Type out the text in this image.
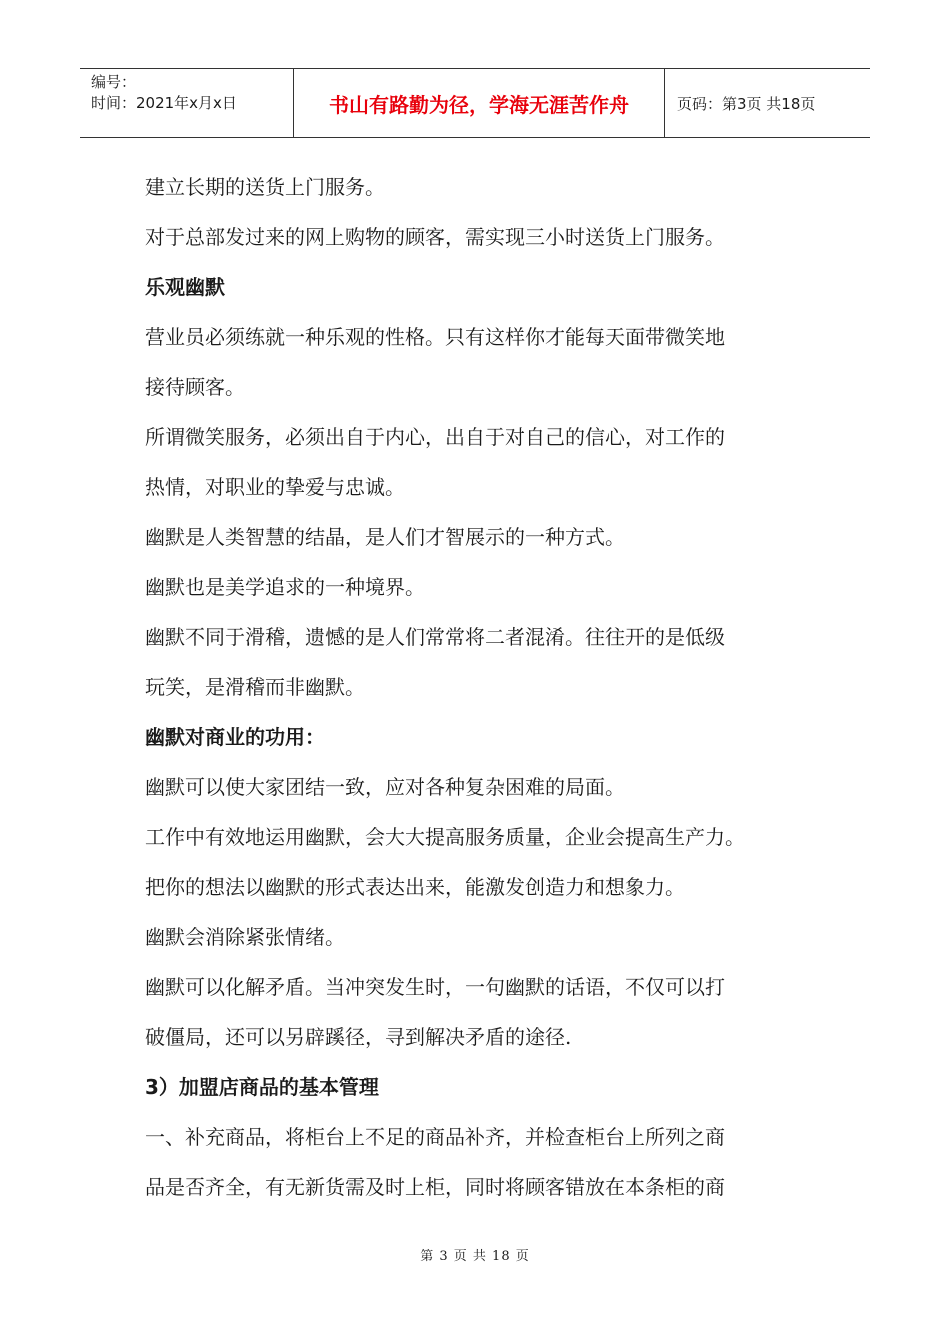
编号：
时间：2021年x月x日	书山有路勤为径，学海无涯苦作舟	页码：第3页 共18页

建立长期的送货上门服务。

对于总部发过来的网上购物的顾客，需实现三小时送货上门服务。

乐观幽默

营业员必须练就一种乐观的性格。只有这样你才能每天面带微笑地

接待顾客。

所谓微笑服务，必须出自于内心，出自于对自己的信心，对工作的

热情，对职业的挚爱与忠诚。

幽默是人类智慧的结晶，是人们才智展示的一种方式。

幽默也是美学追求的一种境界。

幽默不同于滑稽，遗憾的是人们常常将二者混淆。往往开的是低级

玩笑，是滑稽而非幽默。

幽默对商业的功用：

幽默可以使大家团结一致，应对各种复杂困难的局面。

工作中有效地运用幽默，会大大提高服务质量，企业会提高生产力。

把你的想法以幽默的形式表达出来，能激发创造力和想象力。

幽默会消除紧张情绪。

幽默可以化解矛盾。当冲突发生时，一句幽默的话语，不仅可以打

破僵局，还可以另辟蹊径，寻到解决矛盾的途径.

3）加盟店商品的基本管理

一、补充商品，将柜台上不足的商品补齐，并检查柜台上所列之商

品是否齐全，有无新货需及时上柜，同时将顾客错放在本条柜的商

第 3 页 共 18 页
